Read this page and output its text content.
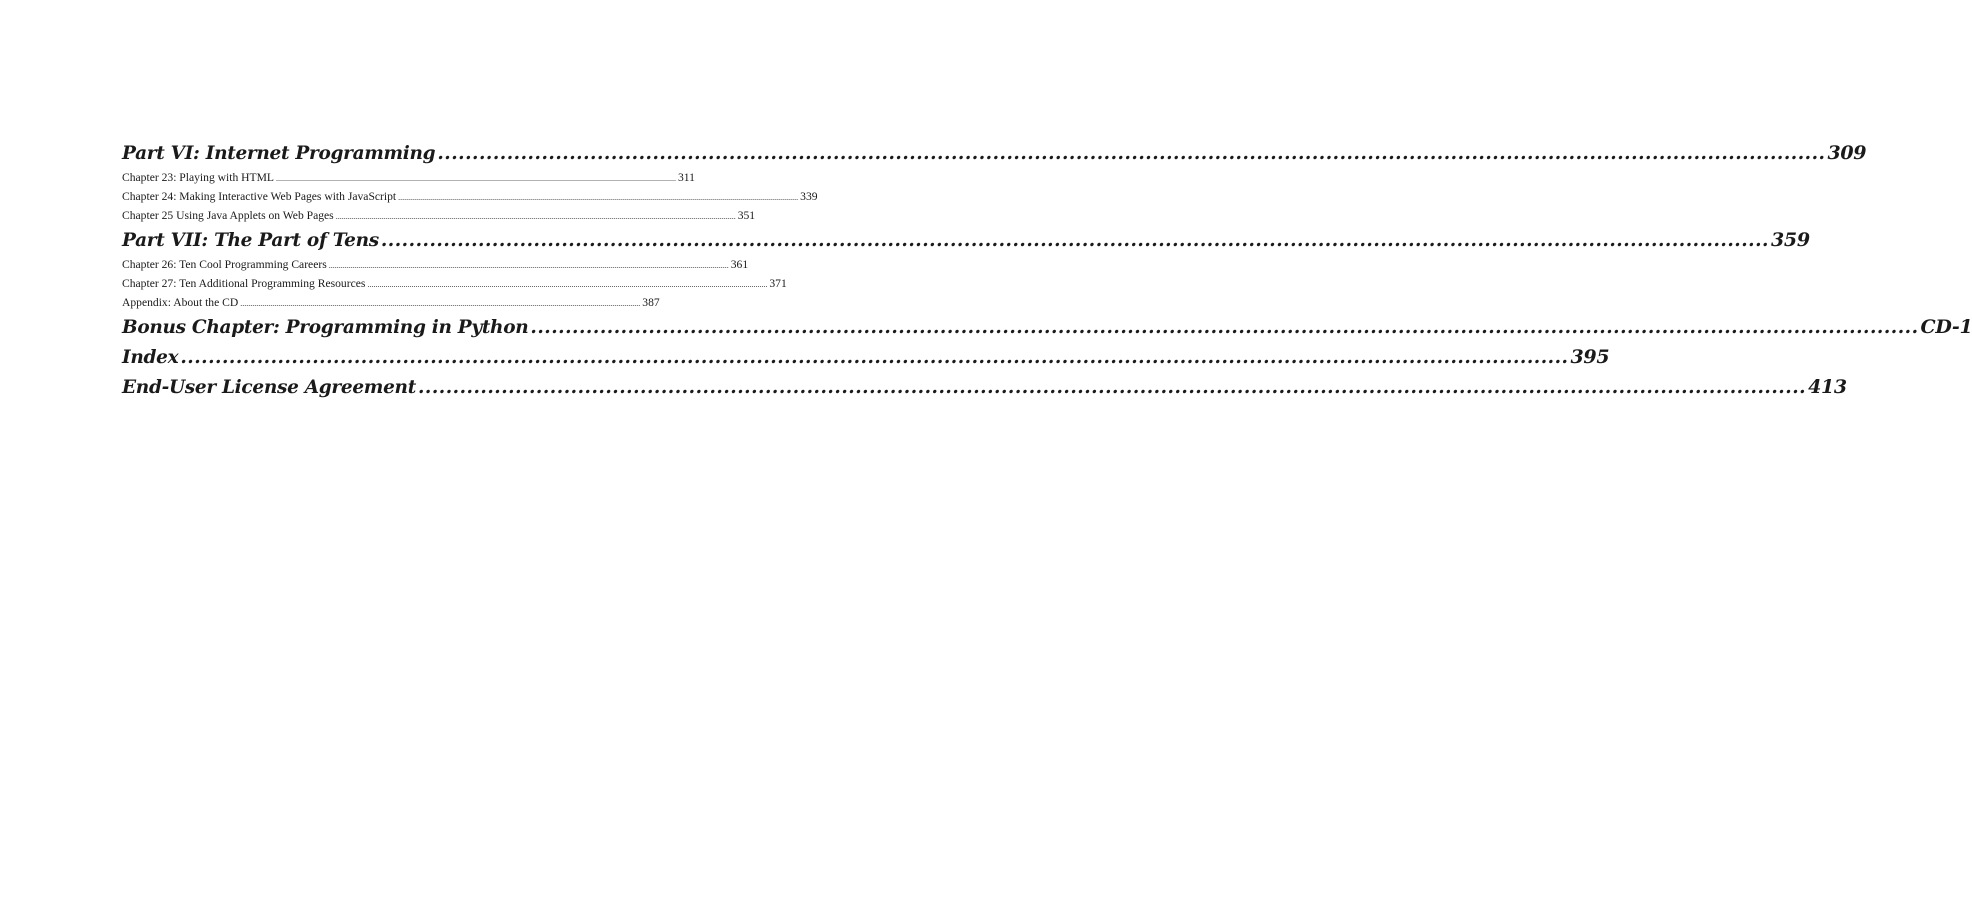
Part VI: Internet Programming ........................................................................................................................................................................................................ 309
Chapter 23: Playing with HTML ........................................................................................................................................................................................................ 311
Chapter 24: Making Interactive Web Pages with JavaScript ........................................................................................................................................................................................................ 339
Chapter 25 Using Java Applets on Web Pages ........................................................................................................................................................................................................ 351
Part VII: The Part of Tens ........................................................................................................................................................................................................ 359
Chapter 26: Ten Cool Programming Careers ........................................................................................................................................................................................................ 361
Chapter 27: Ten Additional Programming Resources ........................................................................................................................................................................................................ 371
Appendix: About the CD ........................................................................................................................................................................................................ 387
Bonus Chapter: Programming in Python ........................................................................................................................................................................................................ CD-1
Index ........................................................................................................................................................................................................ 395
End-User License Agreement ........................................................................................................................................................................................................ 413
